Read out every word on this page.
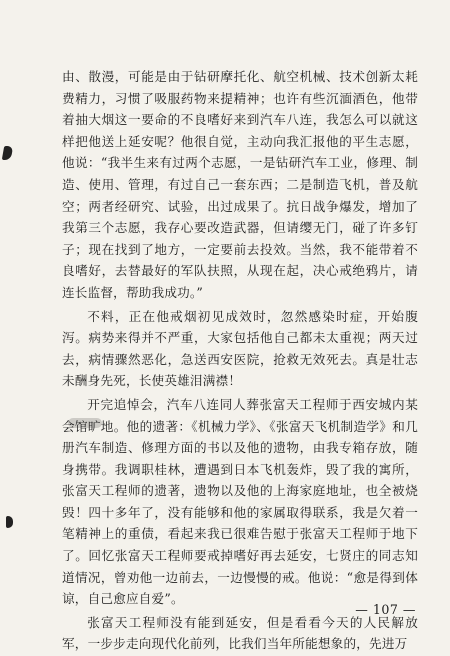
由、散漫，可能是由于钻研摩托化、航空机械、技术创新太耗费精力，习惯了吸服药物来提精神；也许有些沉湎酒色，他带着抽大烟这一要命的不良嗜好来到汽车八连，我怎么可以就这样把他送上延安呢？他很自觉，主动向我汇报他的平生志愿，他说：“我半生来有过两个志愿，一是钻研汽车工业，修理、制造、使用、管理，有过自己一套东西；二是制造飞机，普及航空；两者经研究、试验，出过成果了。抗日战争爆发，增加了我第三个志愿，我存心要改造武器，但请缨无门，碰了许多钉子；现在找到了地方，一定要前去投效。当然，我不能带着不良嗜好，去替最好的军队扶照，从现在起，决心戒绝鸦片，请连长监督，帮助我成功。”

不料，正在他戒烟初见成效时，忽然感染时症，开始腹泻。病势来得并不严重，大家包括他自己都未太重视；两天过去，病情骤然恶化，急送西安医院，抢救无效死去。真是壮志未酬身先死，长使英雄泪满襟！

开完追悼会，汽车八连同人葬张富天工程师于西安城内某会馆旷地。他的遗著：《机械力学》、《张富天飞机制造学》和几册汽车制造、修理方面的书以及他的遗物，由我专箱存放，随身携带。我调职桂林，遭遇到日本飞机轰炸，毁了我的寓所，张富天工程师的遗著，遗物以及他的上海家庭地址，也全被烧毁！四十多年了，没有能够和他的家属取得联系，我是欠着一笔精神上的重债，看起来我已很难告慰于张富天工程师于地下了。回忆张富天工程师要戒掉嗜好再去延安，七贤庄的同志知道情况，曾劝他一边前去，一边慢慢的戒。他说：“愈是得到体谅，自己愈应自爱”。

张富天工程师没有能到延安，但是看看今天的人民解放军，一步步走向现代化前列，比我们当年所能想象的，先进万

— 107 —
